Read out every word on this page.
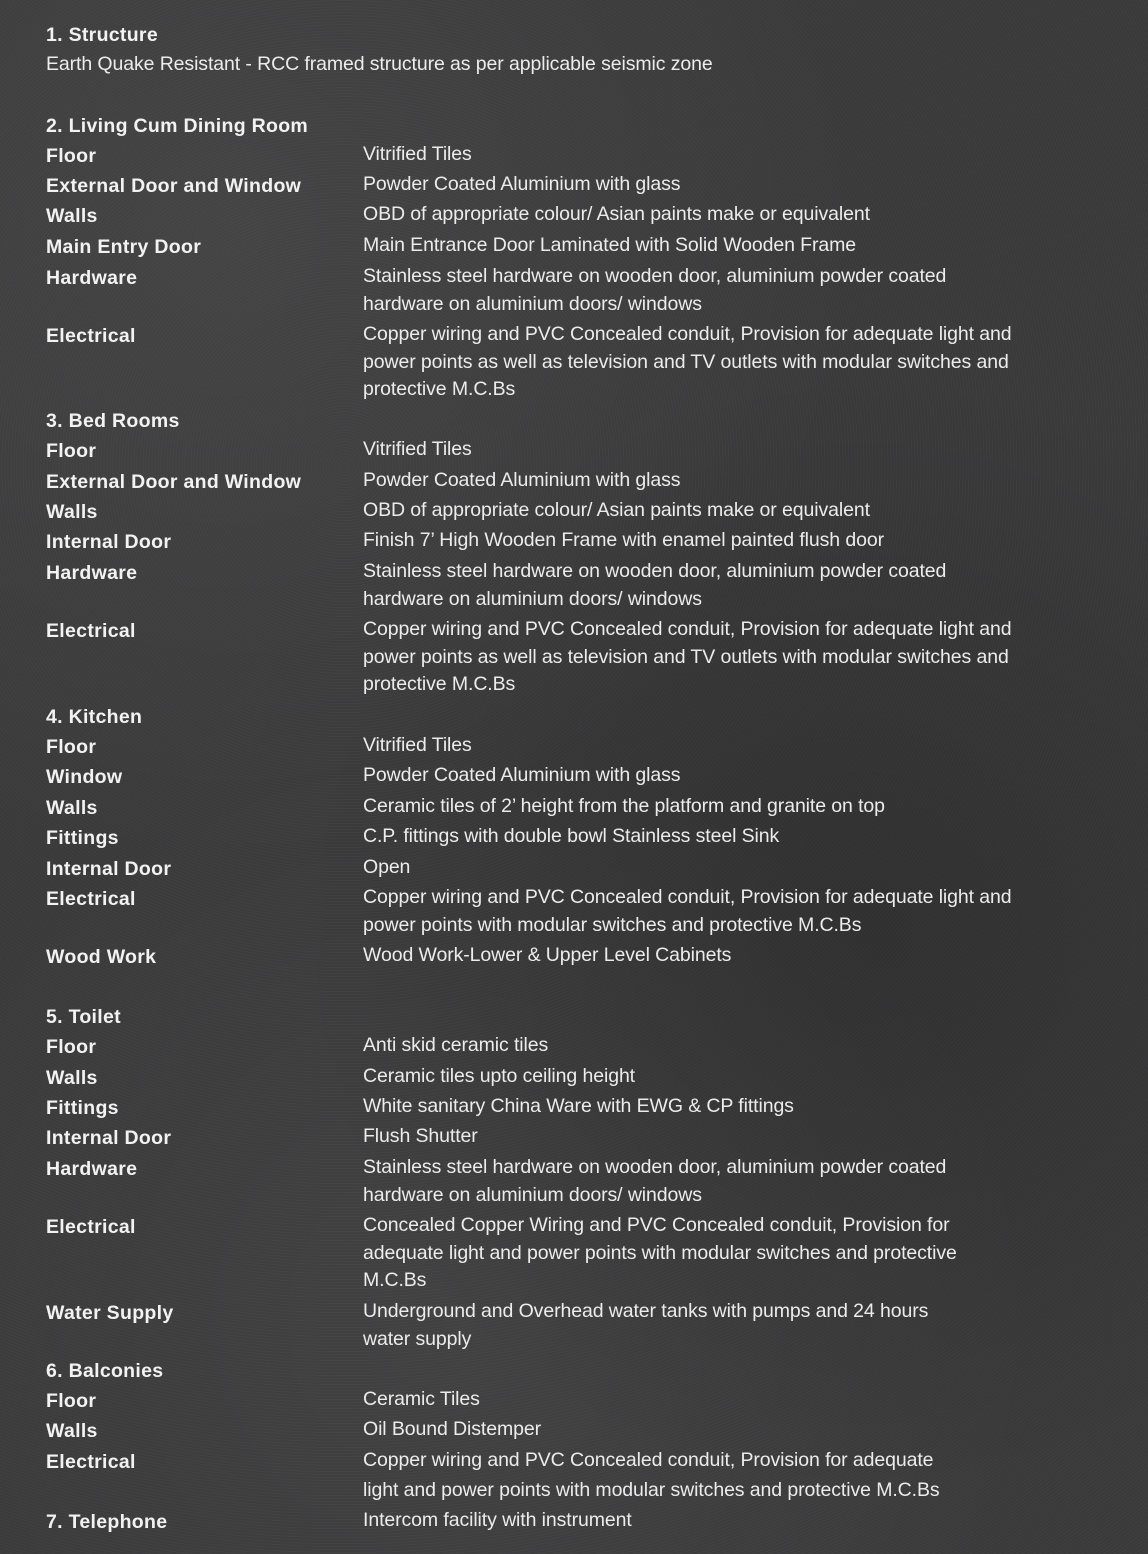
1. Structure
Earth Quake Resistant - RCC framed structure as per applicable seismic zone
2. Living Cum Dining Room
Floor	Vitrified Tiles
External Door and Window	Powder Coated Aluminium with glass
Walls	OBD of appropriate colour/ Asian paints make or equivalent
Main Entry Door	Main Entrance Door Laminated with Solid Wooden Frame
Hardware	Stainless steel hardware on wooden door, aluminium powder coated
hardware on aluminium doors/ windows
Electrical	Copper wiring and PVC Concealed conduit, Provision for adequate light and
power points as well as television and TV outlets with modular switches and
protective M.C.Bs
3. Bed Rooms
Floor	Vitrified Tiles
External Door and Window	Powder Coated Aluminium with glass
Walls	OBD of appropriate colour/ Asian paints make or equivalent
Internal Door	Finish 7’ High Wooden Frame with enamel painted flush door
Hardware	Stainless steel hardware on wooden door, aluminium powder coated
hardware on aluminium doors/ windows
Electrical	Copper wiring and PVC Concealed conduit, Provision for adequate light and
power points as well as television and TV outlets with modular switches and
protective M.C.Bs
4. Kitchen
Floor	Vitrified Tiles
Window	Powder Coated Aluminium with glass
Walls	Ceramic tiles of 2’ height from the platform and granite on top
Fittings	C.P. fittings with double bowl Stainless steel Sink
Internal Door	Open
Electrical	Copper wiring and PVC Concealed conduit, Provision for adequate light and
power points with modular switches and protective M.C.Bs
Wood Work	Wood Work-Lower & Upper Level Cabinets
5. Toilet
Floor	Anti skid ceramic tiles
Walls	Ceramic tiles upto ceiling height
Fittings	White sanitary China Ware with EWG & CP fittings
Internal Door	Flush Shutter
Hardware	Stainless steel hardware on wooden door, aluminium powder coated
hardware on aluminium doors/ windows
Electrical	Concealed Copper Wiring and PVC Concealed conduit, Provision for
adequate light and power points with modular switches and protective
M.C.Bs
Water Supply	Underground and Overhead water tanks with pumps and 24 hours
water supply
6. Balconies
Floor	Ceramic Tiles
Walls	Oil Bound Distemper
Electrical	Copper wiring and PVC Concealed conduit, Provision for adequate
light and power points with modular switches and protective M.C.Bs
7. Telephone	Intercom facility with instrument
